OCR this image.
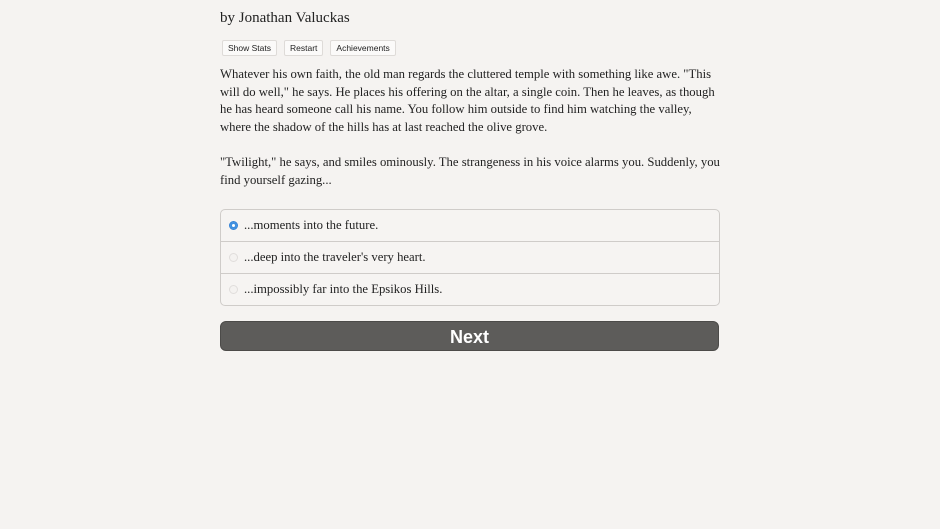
by Jonathan Valuckas
Show Stats	Restart	Achievements

Whatever his own faith, the old man regards the cluttered temple with something like awe. "This will do well," he says. He places his offering on the altar, a single coin. Then he leaves, as though he has heard someone call his name. You follow him outside to find him watching the valley, where the shadow of the hills has at last reached the olive grove.

"Twilight," he says, and smiles ominously. The strangeness in his voice alarms you. Suddenly, you find yourself gazing...

...moments into the future.
...deep into the traveler's very heart.
...impossibly far into the Epsikos Hills.
Next
